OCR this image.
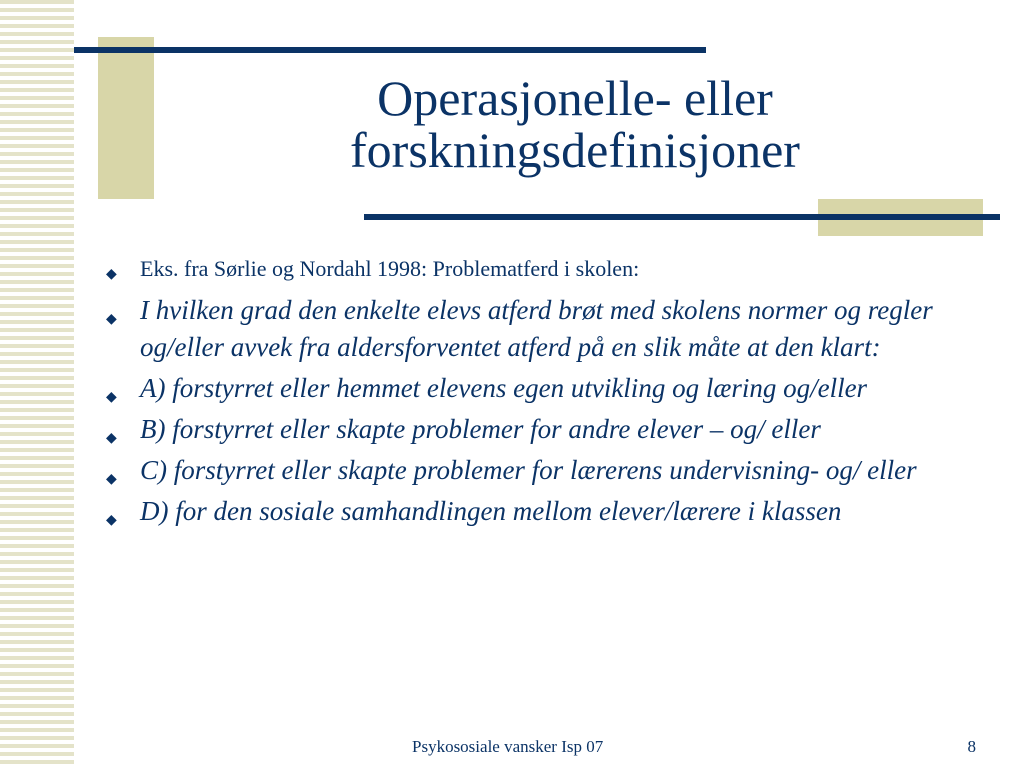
Operasjonelle- eller
forskningsdefinisjoner
◆ Eks. fra Sørlie og Nordahl 1998: Problematferd i skolen:
◆ I hvilken grad den enkelte elevs atferd brøt med skolens normer og regler og/eller avvek fra aldersforventet atferd på en slik måte at den klart:
◆ A) forstyrret eller hemmet elevens egen utvikling og læring og/eller
◆ B) forstyrret eller skapte problemer for andre elever – og/ eller
◆ C) forstyrret eller skapte problemer for lærerens undervisning- og/ eller
◆ D) for den sosiale samhandlingen mellom elever/lærere i klassen
Psykososiale vansker Isp 07	8
